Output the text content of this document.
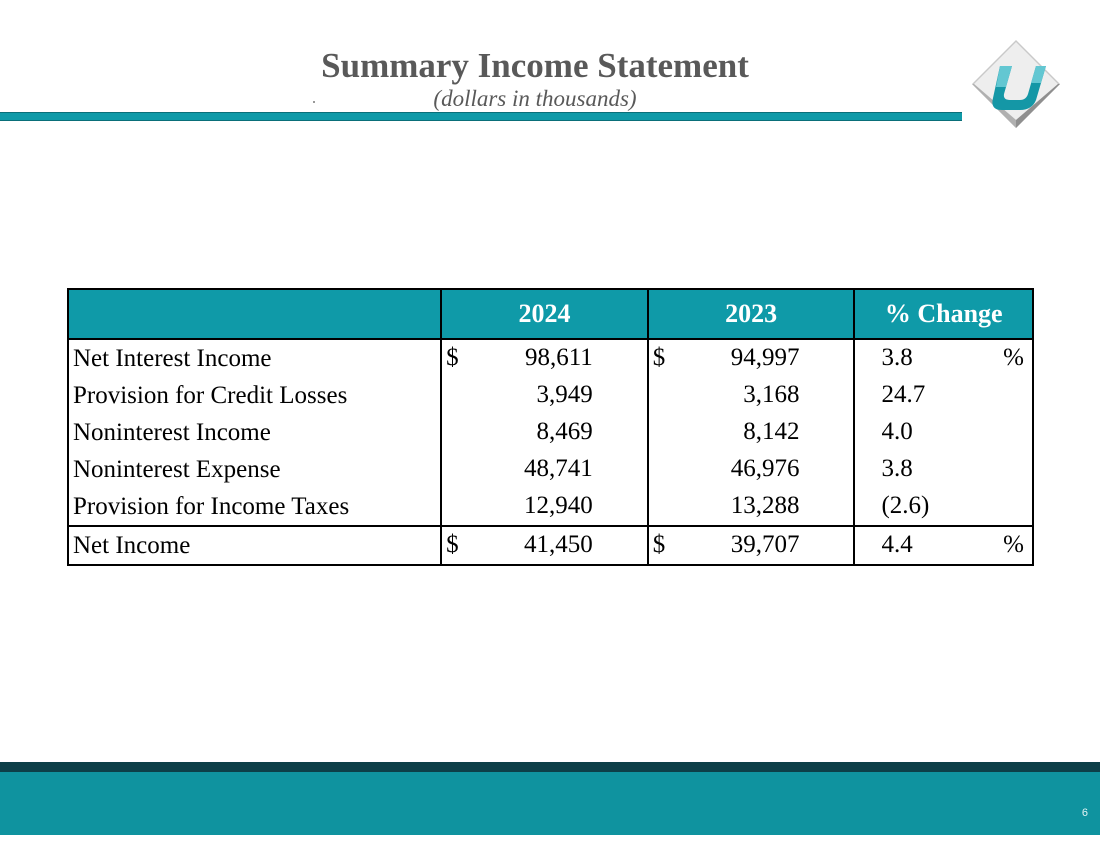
Summary Income Statement
(dollars in thousands)
	2024	2023	% Change
Net Interest Income	$ 98,611	$ 94,997	3.8 %

Provision for Credit Losses	3,949	3,168	24.7

Noninterest Income	8,469	8,142	4.0

Noninterest Expense	48,741	46,976	3.8

Provision for Income Taxes	12,940	13,288	(2.6)

Net Income	$ 41,450	$ 39,707	4.4 %
6
